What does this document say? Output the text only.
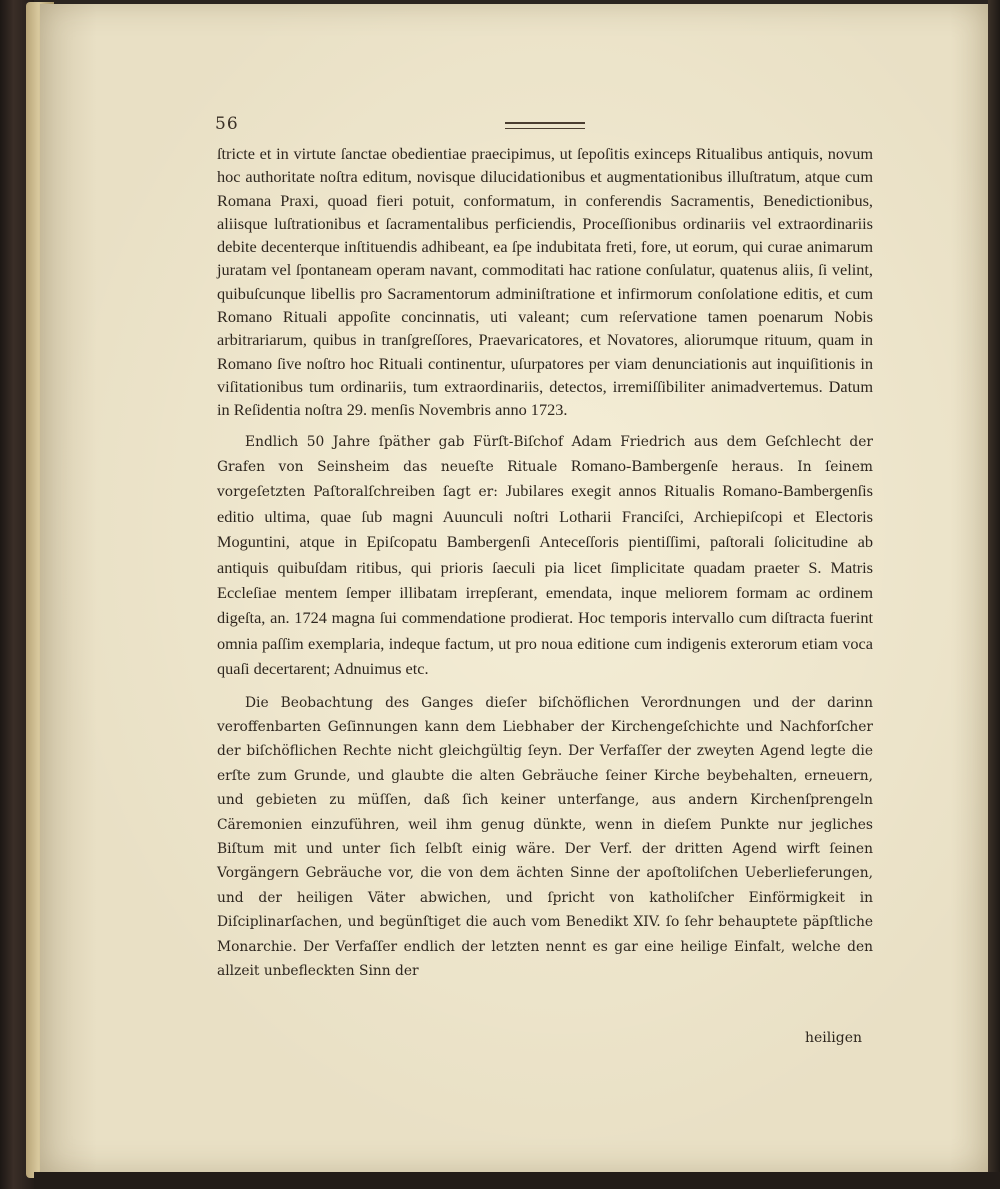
56

ſtricte et in virtute ſanctae obedientiae praecipimus, ut ſepoſitis exinceps Ritualibus antiquis, novum hoc authoritate noſtra editum, novisque dilucidationibus et augmentationibus illuſtratum, atque cum Romana Praxi, quoad fieri potuit, conformatum, in conferendis Sacramentis, Benedictionibus, aliisque luſtrationibus et ſacramentalibus perficiendis, Proceſſionibus ordinariis vel extraordinariis debite decenterque inſtituendis adhibeant, ea ſpe indubitata freti, fore, ut eorum, qui curae animarum juratam vel ſpontaneam operam navant, commoditati hac ratione conſulatur, quatenus aliis, ſi velint, quibuſcunque libellis pro Sacramentorum adminiſtratione et infirmorum conſolatione editis, et cum Romano Rituali appoſite concinnatis, uti valeant; cum reſervatione tamen poenarum Nobis arbitrariarum, quibus in tranſgreſſores, Praevaricatores, et Novatores, aliorumque rituum, quam in Romano ſive noſtro hoc Rituali continentur, uſurpatores per viam denunciationis aut inquiſitionis in viſitationibus tum ordinariis, tum extraordinariis, detectos, irremiſſibiliter animadvertemus. Datum in Reſidentia noſtra 29. menſis Novembris anno 1723.

Endlich 50 Jahre ſpäther gab Fürſt-Biſchof Adam Friedrich aus dem Geſchlecht der Grafen von Seinsheim das neueſte Rituale Romano-Bambergenſe heraus. In ſeinem vorgeſetzten Paſtoralſchreiben ſagt er: Jubilares exegit annos Ritualis Romano-Bambergenſis editio ultima, quae ſub magni Auunculi noſtri Lotharii Franciſci, Archiepiſcopi et Electoris Moguntini, atque in Epiſcopatu Bambergenſi Anteceſſoris pientiſſimi, paſtorali ſolicitudine ab antiquis quibuſdam ritibus, qui prioris ſaeculi pia licet ſimplicitate quadam praeter S. Matris Eccleſiae mentem ſemper illibatam irrepſerant, emendata, inque meliorem formam ac ordinem digeſta, an. 1724 magna ſui commendatione prodierat. Hoc temporis intervallo cum diſtracta fuerint omnia paſſim exemplaria, indeque factum, ut pro noua editione cum indigenis exterorum etiam voca quaſi decertarent; Adnuimus etc.

Die Beobachtung des Ganges dieſer biſchöflichen Verordnungen und der darinn veroffenbarten Geſinnungen kann dem Liebhaber der Kirchengeſchichte und Nachforſcher der biſchöflichen Rechte nicht gleichgültig ſeyn. Der Verfaſſer der zweyten Agend legte die erſte zum Grunde, und glaubte die alten Gebräuche ſeiner Kirche beybehalten, erneuern, und gebieten zu müſſen, daß ſich keiner unterfange, aus andern Kirchenſprengeln Cäremonien einzuführen, weil ihm genug dünkte, wenn in dieſem Punkte nur jegliches Biſtum mit und unter ſich ſelbſt einig wäre. Der Verf. der dritten Agend wirft ſeinen Vorgängern Gebräuche vor, die von dem ächten Sinne der apoſtoliſchen Ueberlieferungen, und der heiligen Väter abwichen, und ſpricht von katholiſcher Einförmigkeit in Diſciplinarſachen, und begünſtiget die auch vom Benedikt XIV. ſo ſehr behauptete päpſtliche Monarchie. Der Verfaſſer endlich der letzten nennt es gar eine heilige Einfalt, welche den allzeit unbefleckten Sinn der

heiligen
